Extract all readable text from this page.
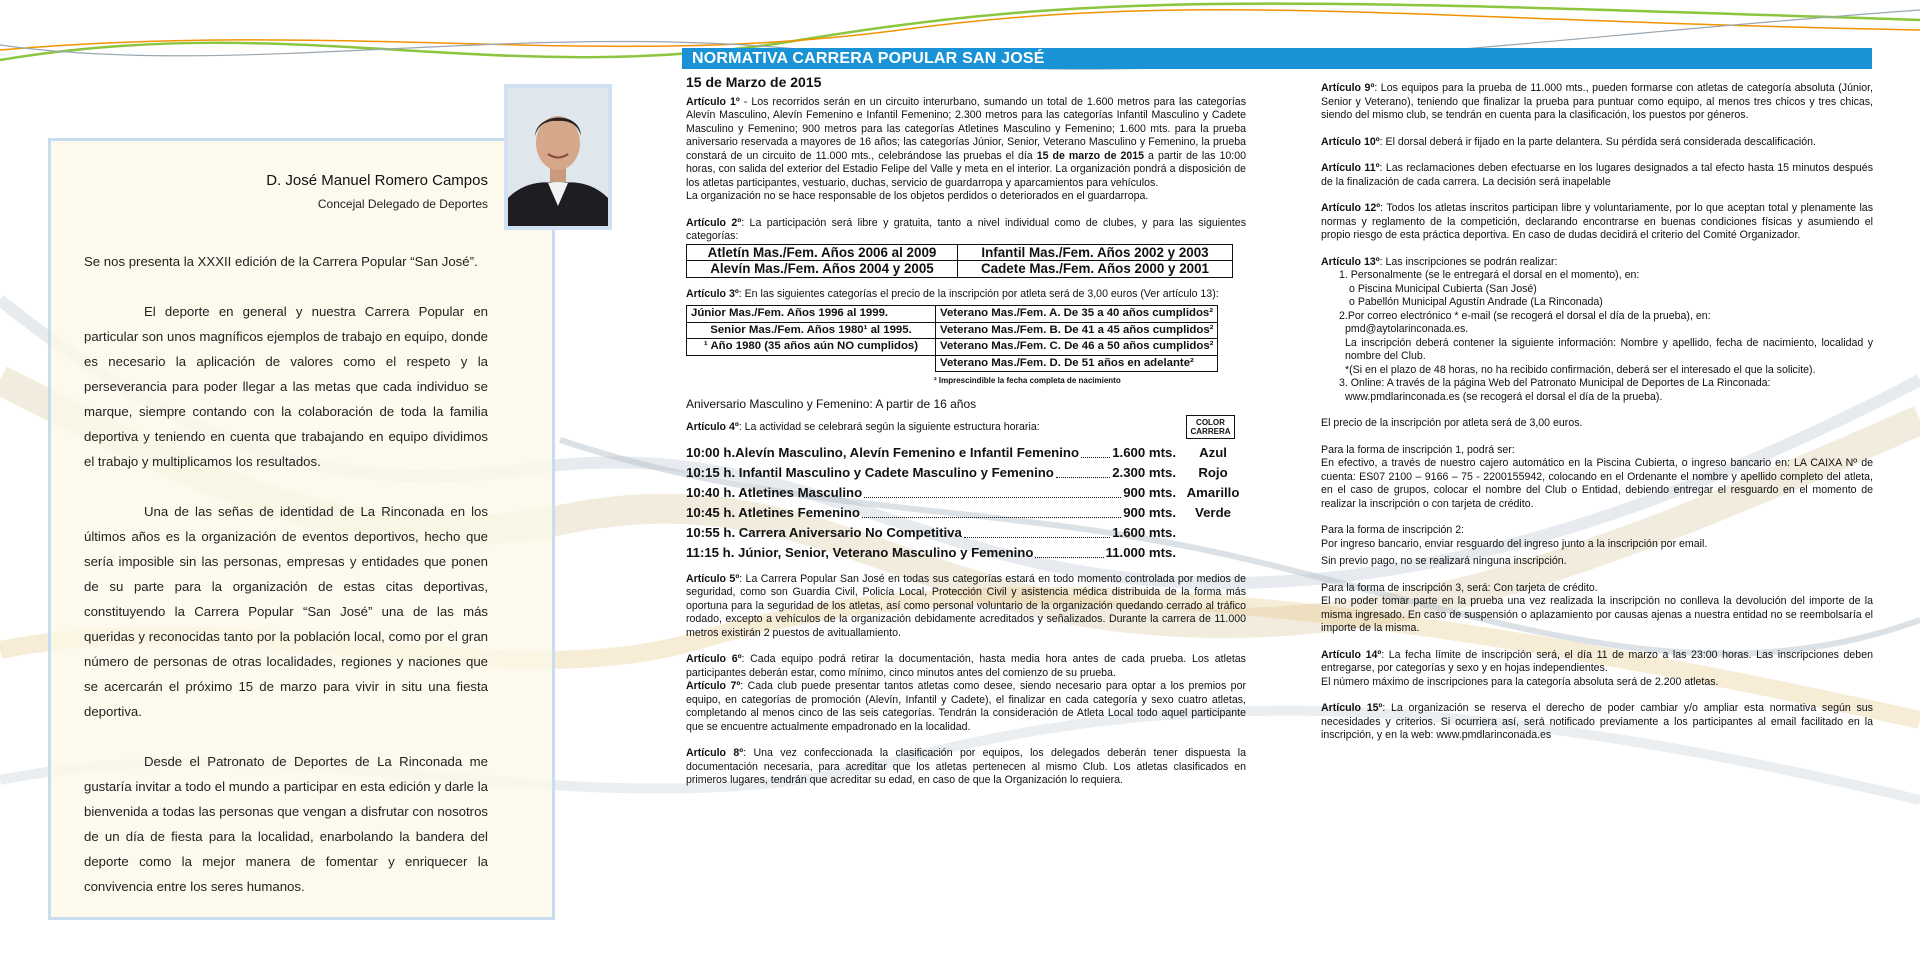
D. José Manuel Romero Campos
Concejal Delegado de Deportes

Se nos presenta la XXXII edición de la Carrera Popular “San José”.

El deporte en general y nuestra Carrera Popular en particular son unos magníficos ejemplos de trabajo en equipo, donde es necesario la aplicación de valores como el respeto y la perseverancia para poder llegar a las metas que cada individuo se marque, siempre contando con la colaboración de toda la familia deportiva y teniendo en cuenta que trabajando en equipo dividimos el trabajo y multiplicamos los resultados.

Una de las señas de identidad de La Rinconada en los últimos años es la organización de eventos deportivos, hecho que sería imposible sin las personas, empresas y entidades que ponen de su parte para la organización de estas citas deportivas, constituyendo la Carrera Popular “San José” una de las más queridas y reconocidas tanto por la población local, como por el gran número de personas de otras localidades, regiones y naciones que se acercarán el próximo 15 de marzo para vivir in situ una fiesta deportiva.

Desde el Patronato de Deportes de La Rinconada me gustaría invitar a todo el mundo a participar en esta edición y darle la bienvenida a todas las personas que vengan a disfrutar con nosotros de un día de fiesta para la localidad, enarbolando la bandera del deporte como la mejor manera de fomentar y enriquecer la convivencia entre los seres humanos.

NORMATIVA CARRERA POPULAR SAN JOSÉ
15 de Marzo de 2015

Artículo 1º - Los recorridos serán en un circuito interurbano, sumando un total de 1.600 metros para las categorías Alevín Masculino, Alevín Femenino e Infantil Femenino; 2.300 metros para las categorías Infantil Masculino y Cadete Masculino y Femenino; 900 metros para las categorías Atletines Masculino y Femenino; 1.600 mts. para la prueba aniversario reservada a mayores de 16 años; las categorías Júnior, Senior, Veterano Masculino y Femenino, la prueba constará de un circuito de 11.000 mts., celebrándose las pruebas el día 15 de marzo de 2015 a partir de las 10:00 horas, con salida del exterior del Estadio Felipe del Valle y meta en el interior. La organización pondrá a disposición de los atletas participantes, vestuario, duchas, servicio de guardarropa y aparcamientos para vehículos.

La organización no se hace responsable de los objetos perdidos o deteriorados en el guardarropa.

Artículo 2º: La participación será libre y gratuita, tanto a nivel individual como de clubes, y para las siguientes categorías:

Atletín Mas./Fem. Años 2006 al 2009	Infantil Mas./Fem. Años 2002 y 2003
Alevín Mas./Fem. Años 2004 y 2005	Cadete Mas./Fem. Años 2000 y 2001

Artículo 3º: En las siguientes categorías el precio de la inscripción por atleta será de 3,00 euros (Ver artículo 13):

Júnior Mas./Fem. Años 1996 al 1999.	Veterano Mas./Fem. A. De 35 a 40 años cumplidos²
Senior Mas./Fem. Años 1980¹ al 1995.	Veterano Mas./Fem. B. De 41 a 45 años cumplidos²
¹ Año 1980 (35 años aún NO cumplidos)	Veterano Mas./Fem. C. De 46 a 50 años cumplidos²
	Veterano Mas./Fem. D. De 51 años en adelante²
² Imprescindible la fecha completa de nacimiento
Aniversario Masculino y Femenino: A partir de 16 años

Artículo 4º: La actividad se celebrará según la siguiente estructura horaria:	COLOR CARRERA
10:00 h.Alevín Masculino, Alevín Femenino e Infantil Femenino	1.600 mts.	Azul
10:15 h. Infantil Masculino y Cadete Masculino y Femenino	2.300 mts.	Rojo
10:40 h. Atletines Masculino	900 mts. Amarillo
10:45 h. Atletines Femenino	900 mts.	Verde
10:55 h. Carrera Aniversario No Competitiva	1.600 mts.
11:15 h. Júnior, Senior, Veterano Masculino y Femenino	11.000 mts.

Artículo 5º: La Carrera Popular San José en todas sus categorías estará en todo momento controlada por medios de seguridad, como son Guardia Civil, Policía Local, Protección Civil y asistencia médica distribuida de la forma más oportuna para la seguridad de los atletas, así como personal voluntario de la organización quedando cerrado al tráfico rodado, excepto a vehículos de la organización debidamente acreditados y señalizados. Durante la carrera de 11.000 metros existirán 2 puestos de avituallamiento.

Artículo 6º: Cada equipo podrá retirar la documentación, hasta media hora antes de cada prueba. Los atletas participantes deberán estar, como mínimo, cinco minutos antes del comienzo de su prueba.

Artículo 7º: Cada club puede presentar tantos atletas como desee, siendo necesario para optar a los premios por equipo, en categorías de promoción (Alevín, Infantil y Cadete), el finalizar en cada categoría y sexo cuatro atletas, completando al menos cinco de las seis categorías. Tendrán la consideración de Atleta Local todo aquel participante que se encuentre actualmente empadronado en la localidad.

Artículo 8º: Una vez confeccionada la clasificación por equipos, los delegados deberán tener dispuesta la documentación necesaria, para acreditar que los atletas pertenecen al mismo Club. Los atletas clasificados en primeros lugares, tendrán que acreditar su edad, en caso de que la Organización lo requiera.

Artículo 9º: Los equipos para la prueba de 11.000 mts., pueden formarse con atletas de categoría absoluta (Júnior, Senior y Veterano), teniendo que finalizar la prueba para puntuar como equipo, al menos tres chicos y tres chicas, siendo del mismo club, se tendrán en cuenta para la clasificación, los puestos por géneros.

Artículo 10º: El dorsal deberá ir fijado en la parte delantera. Su pérdida será considerada descalificación.

Artículo 11º: Las reclamaciones deben efectuarse en los lugares designados a tal efecto hasta 15 minutos después de la finalización de cada carrera. La decisión será inapelable

Artículo 12º: Todos los atletas inscritos participan libre y voluntariamente, por lo que aceptan total y plenamente las normas y reglamento de la competición, declarando encontrarse en buenas condiciones físicas y asumiendo el propio riesgo de esta práctica deportiva. En caso de dudas decidirá el criterio del Comité Organizador.

Artículo 13º: Las inscripciones se podrán realizar:
1. Personalmente (se le entregará el dorsal en el momento), en:
o Piscina Municipal Cubierta (San José)
o Pabellón Municipal Agustín Andrade (La Rinconada)
2.Por correo electrónico * e-mail (se recogerá el dorsal el día de la prueba), en:
pmd@aytolarinconada.es.
La inscripción deberá contener la siguiente información: Nombre y apellido, fecha de nacimiento, localidad y nombre del Club.
*(Si en el plazo de 48 horas, no ha recibido confirmación, deberá ser el interesado el que la solicite).
3. Online: A través de la página Web del Patronato Municipal de Deportes de La Rinconada:
www.pmdlarinconada.es (se recogerá el dorsal el día de la prueba).

El precio de la inscripción por atleta será de 3,00 euros.

Para la forma de inscripción 1, podrá ser:
En efectivo, a través de nuestro cajero automático en la Piscina Cubierta, o ingreso bancario en: LA CAIXA Nº de cuenta: ES07 2100 – 9166 – 75 - 2200155942, colocando en el Ordenante el nombre y apellido completo del atleta, en el caso de grupos, colocar el nombre del Club o Entidad, debiendo entregar el resguardo en el momento de realizar la inscripción o con tarjeta de crédito.

Para la forma de inscripción 2:
Por ingreso bancario, enviar resguardo del ingreso junto a la inscripción por email.

Sin previo pago, no se realizará ninguna inscripción.

Para la forma de inscripción 3, será: Con tarjeta de crédito.
El no poder tomar parte en la prueba una vez realizada la inscripción no conlleva la devolución del importe de la misma ingresado. En caso de suspensión o aplazamiento por causas ajenas a nuestra entidad no se reembolsaría el importe de la misma.

Artículo 14º: La fecha límite de inscripción será, el día 11 de marzo a las 23:00 horas. Las inscripciones deben entregarse, por categorías y sexo y en hojas independientes.

El número máximo de inscripciones para la categoría absoluta será de 2.200 atletas.

Artículo 15º: La organización se reserva el derecho de poder cambiar y/o ampliar esta normativa según sus necesidades y criterios. Si ocurriera así, será notificado previamente a los participantes al email facilitado en la inscripción, y en la web: www.pmdlarinconada.es
